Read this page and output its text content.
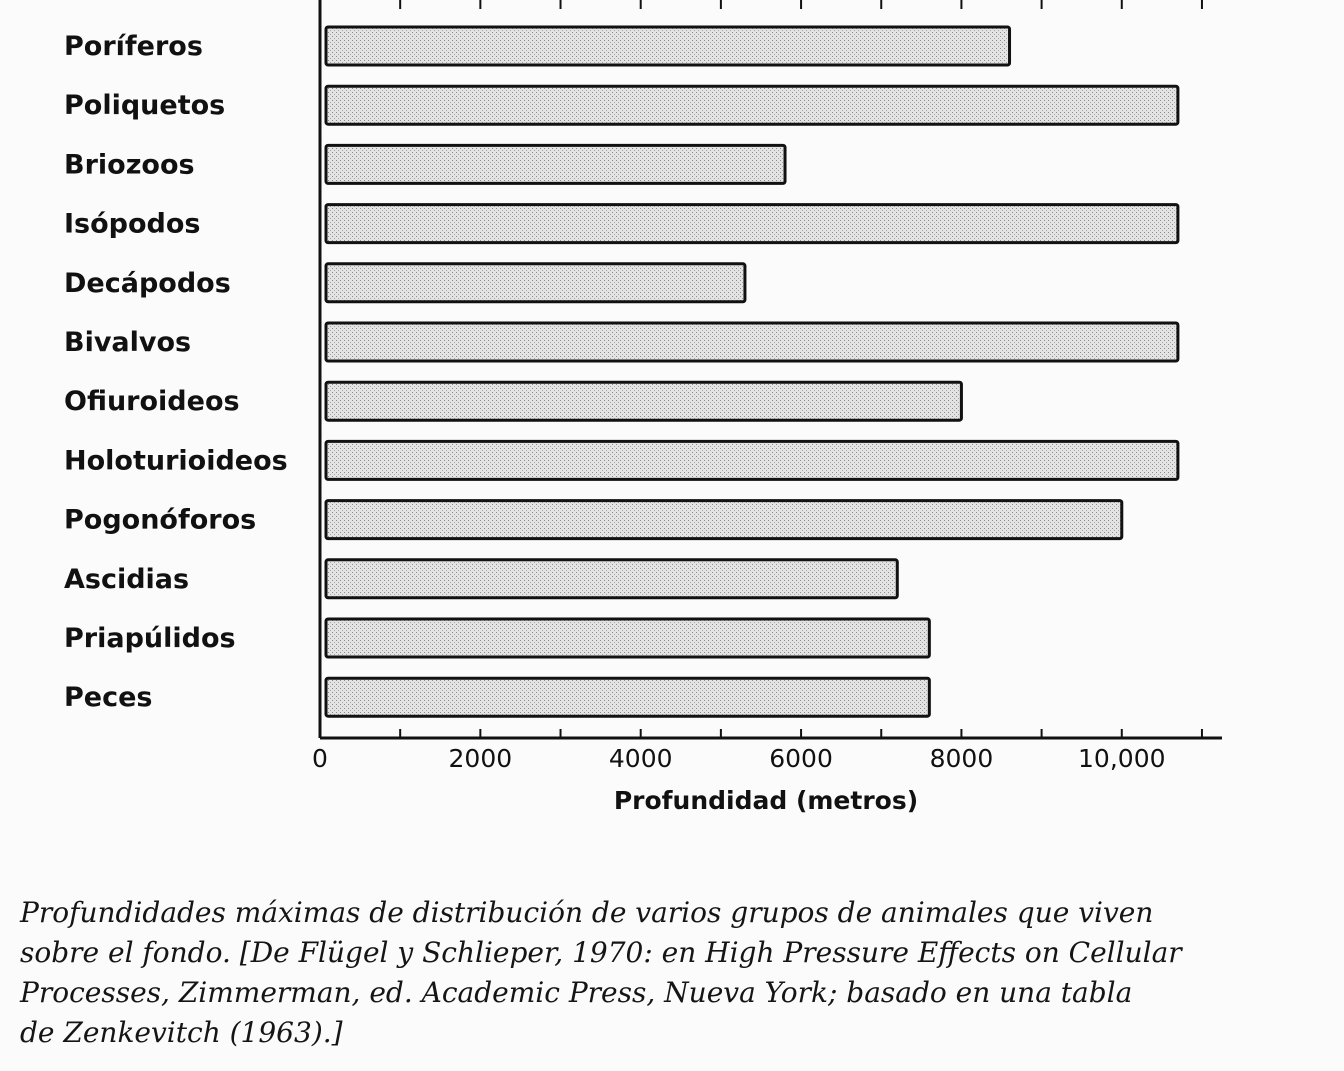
Poríferos
Poliquetos
Briozoos
Isópodos
Decápodos
Bivalvos
Ofiuroideos
Holoturioideos
Pogonóforos
Ascidias
Priapúlidos
Peces
0	2000	4000	6000	8000	10,000
Profundidad (metros)
Profundidades máximas de distribución de varios grupos de animales que viven
sobre el fondo. [De Flügel y Schlieper, 1970: en High Pressure Effects on Cellular
Processes, Zimmerman, ed. Academic Press, Nueva York; basado en una tabla
de Zenkevitch (1963).]
